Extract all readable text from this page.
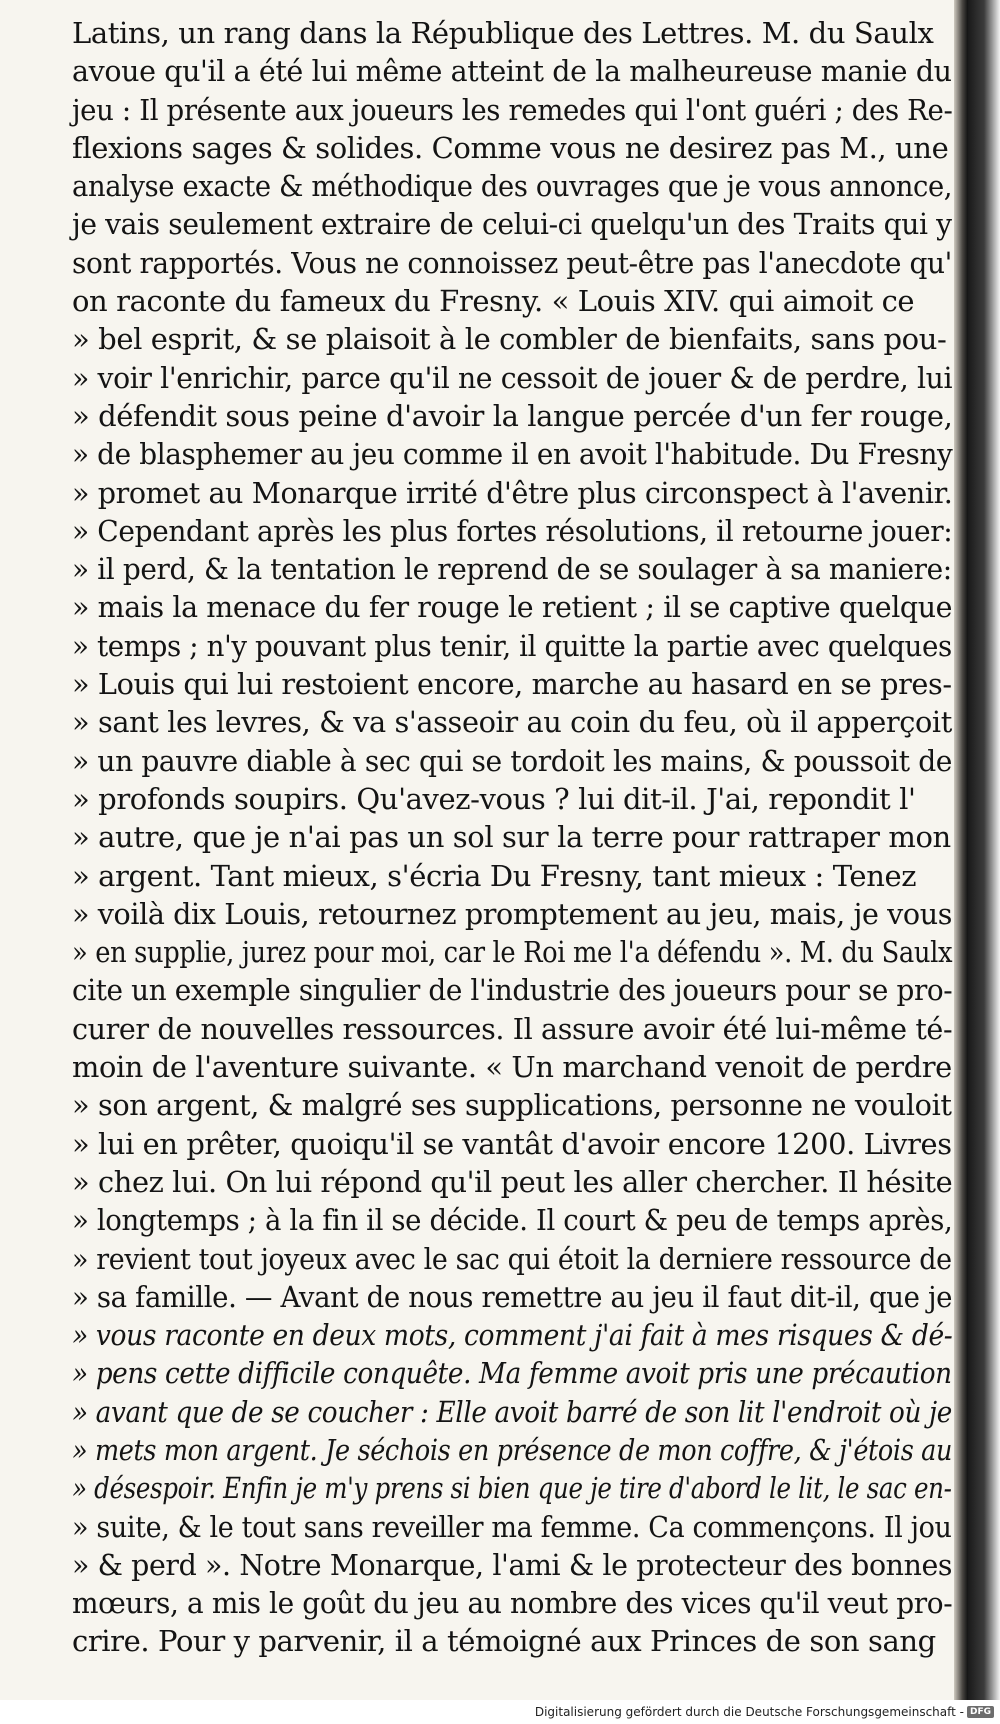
Latins, un rang dans la République des Lettres. M. du Saulx
avoue qu'il a été lui même atteint de la malheureuse manie du
jeu : Il présente aux joueurs les remedes qui l'ont guéri ; des Re-
flexions sages & solides. Comme vous ne desirez pas M., une
analyse exacte & méthodique des ouvrages que je vous annonce,
je vais seulement extraire de celui-ci quelqu'un des Traits qui y
sont rapportés. Vous ne connoissez peut-être pas l'anecdote qu'
on raconte du fameux du Fresny. « Louis XIV. qui aimoit ce
» bel esprit, & se plaisoit à le combler de bienfaits, sans pou-
» voir l'enrichir, parce qu'il ne cessoit de jouer & de perdre, lui
» défendit sous peine d'avoir la langue percée d'un fer rouge,
» de blasphemer au jeu comme il en avoit l'habitude. Du Fresny
» promet au Monarque irrité d'être plus circonspect à l'avenir.
» Cependant après les plus fortes résolutions, il retourne jouer:
» il perd, & la tentation le reprend de se soulager à sa maniere:
» mais la menace du fer rouge le retient ; il se captive quelque
» temps ; n'y pouvant plus tenir, il quitte la partie avec quelques
» Louis qui lui restoient encore, marche au hasard en se pres-
» sant les levres, & va s'asseoir au coin du feu, où il apperçoit
» un pauvre diable à sec qui se tordoit les mains, & poussoit de
» profonds soupirs. Qu'avez-vous ? lui dit-il. J'ai, repondit l'
» autre, que je n'ai pas un sol sur la terre pour rattraper mon
» argent. Tant mieux, s'écria Du Fresny, tant mieux : Tenez
» voilà dix Louis, retournez promptement au jeu, mais, je vous
» en supplie, jurez pour moi, car le Roi me l'a défendu ». M. du Saulx
cite un exemple singulier de l'industrie des joueurs pour se pro-
curer de nouvelles ressources. Il assure avoir été lui-même té-
moin de l'aventure suivante. « Un marchand venoit de perdre
» son argent, & malgré ses supplications, personne ne vouloit
» lui en prêter, quoiqu'il se vantât d'avoir encore 1200. Livres
» chez lui. On lui répond qu'il peut les aller chercher. Il hésite
» longtemps ; à la fin il se décide. Il court & peu de temps après,
» revient tout joyeux avec le sac qui étoit la derniere ressource de
» sa famille. — Avant de nous remettre au jeu il faut dit-il, que je
» vous raconte en deux mots, comment j'ai fait à mes risques & dé-
» pens cette difficile conquête. Ma femme avoit pris une précaution
» avant que de se coucher : Elle avoit barré de son lit l'endroit où je
» mets mon argent. Je séchois en présence de mon coffre, & j'étois au
» désespoir. Enfin je m'y prens si bien que je tire d'abord le lit, le sac en-
» suite, & le tout sans reveiller ma femme. Ca commençons. Il jou
» & perd ». Notre Monarque, l'ami & le protecteur des bonnes
mœurs, a mis le goût du jeu au nombre des vices qu'il veut pro-
crire. Pour y parvenir, il a témoigné aux Princes de son sang
Digitalisierung gefördert durch die Deutsche Forschungsgemeinschaft - DFG
